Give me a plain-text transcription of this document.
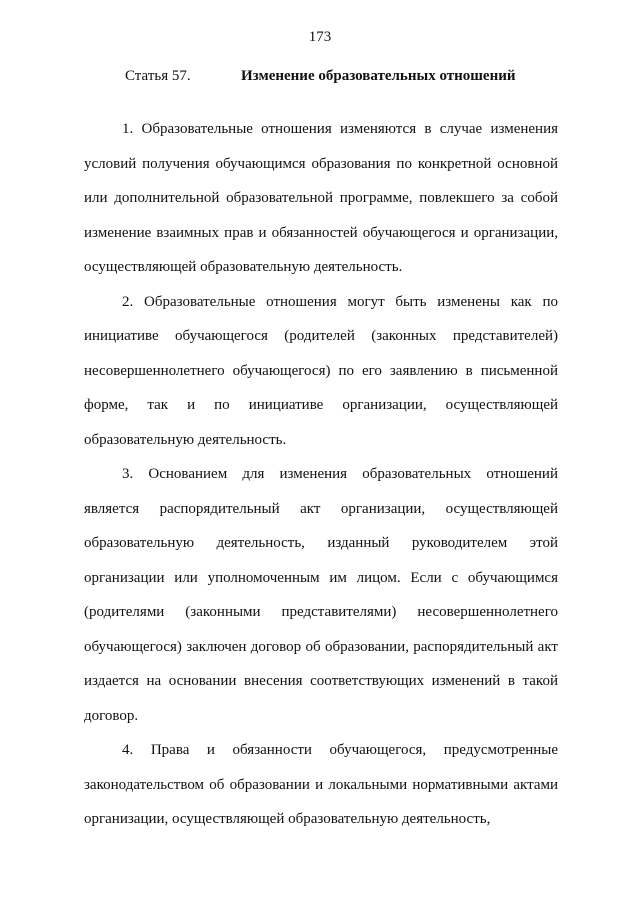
173
Статья 57.	Изменение образовательных отношений

1. Образовательные отношения изменяются в случае изменения условий получения обучающимся образования по конкретной основной или дополнительной образовательной программе, повлекшего за собой изменение взаимных прав и обязанностей обучающегося и организации, осуществляющей образовательную деятельность.

2. Образовательные отношения могут быть изменены как по инициативе обучающегося (родителей (законных представителей) несовершеннолетнего обучающегося) по его заявлению в письменной форме, так и по инициативе организации, осуществляющей образовательную деятельность.

3. Основанием для изменения образовательных отношений является распорядительный акт организации, осуществляющей образовательную деятельность, изданный руководителем этой организации или уполномоченным им лицом. Если с обучающимся (родителями (законными представителями) несовершеннолетнего обучающегося) заключен договор об образовании, распорядительный акт издается на основании внесения соответствующих изменений в такой договор.

4. Права и обязанности обучающегося, предусмотренные законодательством об образовании и локальными нормативными актами организации, осуществляющей образовательную деятельность,
